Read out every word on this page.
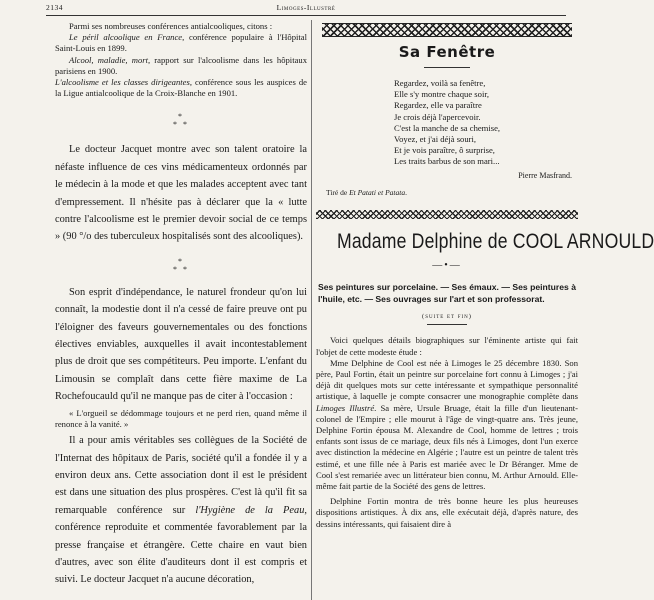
2134	Limoges-Illustré

Parmi ses nombreuses conférences antialcooliques, citons :

Le péril alcoolique en France, conférence populaire à l'Hôpital Saint-Louis en 1899.

Alcool, maladie, mort, rapport sur l'alcoolisme dans les hôpitaux parisiens en 1900.

L'alcoolisme et les classes dirigeantes, conférence sous les auspices de la Ligue antialcoolique de la Croix-Blanche en 1901.

*
* *

Le docteur Jacquet montre avec son talent oratoire la néfaste influence de ces vins médicamenteux ordonnés par le médecin à la mode et que les malades acceptent avec tant d'empressement. Il n'hésite pas à déclarer que la « lutte contre l'alcoolisme est le premier devoir social de ce temps » (90 °/o des tuberculeux hospitalisés sont des alcooliques).

*
* *

Son esprit d'indépendance, le naturel frondeur qu'on lui connaît, la modestie dont il n'a cessé de faire preuve ont pu l'éloigner des faveurs gouvernementales ou des fonctions électives enviables, auxquelles il avait incontestablement plus de droit que ses compétiteurs. Peu importe. L'enfant du Limousin se complaît dans cette fière maxime de La Rochefoucauld qu'il ne manque pas de citer à l'occasion :

« L'orgueil se dédommage toujours et ne perd rien, quand même il renonce à la vanité. »

Il a pour amis véritables ses collègues de la Société de l'Internat des hôpitaux de Paris, société qu'il a fondée il y a environ deux ans. Cette association dont il est le président est dans une situation des plus prospères. C'est là qu'il fit sa remarquable conférence sur l'Hygiène de la Peau, conférence reproduite et commentée favorablement par la presse française et étrangère. Cette chaire en vaut bien d'autres, avec son élite d'auditeurs dont il est compris et suivi. Le docteur Jacquet n'a aucune décoration,

Sa Fenêtre
Regardez, voilà sa fenêtre,
Elle s'y montre chaque soir,
Regardez, elle va paraître
Je crois déjà l'apercevoir.
C'est la manche de sa chemise,
Voyez, et j'ai déjà souri,
Et je vois paraître, ô surprise,
Les traits barbus de son mari...
Pierre Masfrand.
Tiré de Et Patati et Patata.
Madame Delphine de COOL ARNOULD
—•—

Ses peintures sur porcelaine. — Ses émaux. — Ses peintures à l'huile, etc. — Ses ouvrages sur l'art et son professorat.

(suite et fin)

Voici quelques détails biographiques sur l'éminente artiste qui fait l'objet de cette modeste étude :

Mme Delphine de Cool est née à Limoges le 25 décembre 1830. Son père, Paul Fortin, était un peintre sur porcelaine fort connu à Limoges ; j'ai déjà dit quelques mots sur cette intéressante et sympathique personnalité artistique, à laquelle je compte consacrer une monographie complète dans Limoges Illustré. Sa mère, Ursule Bruage, était la fille d'un lieutenant-colonel de l'Empire ; elle mourut à l'âge de vingt-quatre ans. Très jeune, Delphine Fortin épousa M. Alexandre de Cool, homme de lettres ; trois enfants sont issus de ce mariage, deux fils nés à Limoges, dont l'un exerce avec distinction la médecine en Algérie ; l'autre est un peintre de talent très estimé, et une fille née à Paris est mariée avec le Dr Béranger. Mme de Cool s'est remariée avec un littérateur bien connu, M. Arthur Arnould. Elle-même fait partie de la Société des gens de lettres.

Delphine Fortin montra de très bonne heure les plus heureuses dispositions artistiques. À dix ans, elle exécutait déjà, d'après nature, des dessins intéressants, qui faisaient dire à
